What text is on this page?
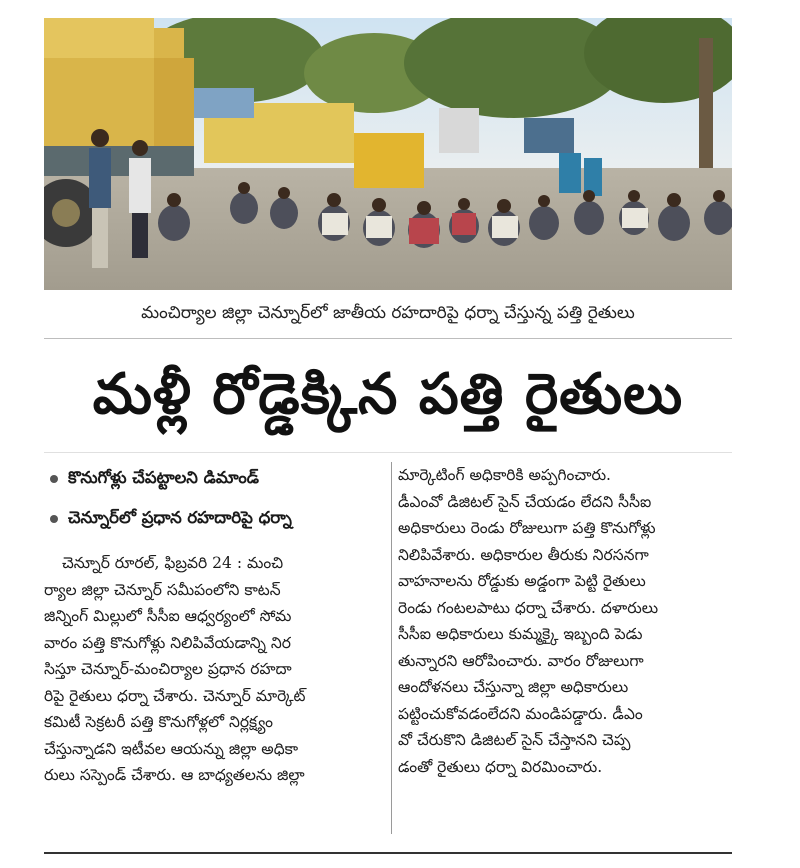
మంచిర్యాల జిల్లా చెన్నూర్‌లో జాతీయ రహదారిపై ధర్నా చేస్తున్న పత్తి రైతులు
మళ్లీ రోడ్డెక్కిన పత్తి రైతులు
కొనుగోళ్లు చేపట్టాలని డిమాండ్
చెన్నూర్‌లో ప్రధాన రహదారిపై ధర్నా
చెన్నూర్ రూరల్, ఫిబ్రవరి 24 : మంచి
ర్యాల జిల్లా చెన్నూర్ సమీపంలోని కాటన్
జిన్నింగ్ మిల్లులో సీసీఐ ఆధ్వర్యంలో సోమ
వారం పత్తి కొనుగోళ్లు నిలిపివేయడాన్ని నిర
సిస్తూ చెన్నూర్-మంచిర్యాల ప్రధాన రహదా
రిపై రైతులు ధర్నా చేశారు. చెన్నూర్ మార్కెట్
కమిటీ సెక్రటరీ పత్తి కొనుగోళ్లలో నిర్లక్ష్యం
చేస్తున్నాడని ఇటీవల ఆయన్ను జిల్లా అధికా
రులు సస్పెండ్ చేశారు. ఆ బాధ్యతలను జిల్లా
మార్కెటింగ్ అధికారికి అప్పగించారు.
డీఎంవో డిజిటల్ సైన్ చేయడం లేదని సీసీఐ
అధికారులు రెండు రోజులుగా పత్తి కొనుగోళ్లు
నిలిపివేశారు. అధికారుల తీరుకు నిరసనగా
వాహనాలను రోడ్డుకు అడ్డంగా పెట్టి రైతులు
రెండు గంటలపాటు ధర్నా చేశారు. దళారులు
సీసీఐ అధికారులు కుమ్మక్కై ఇబ్బంది పెడు
తున్నారని ఆరోపించారు. వారం రోజులుగా
ఆందోళనలు చేస్తున్నా జిల్లా అధికారులు
పట్టించుకోవడంలేదని మండిపడ్డారు. డీఎం
వో చేరుకొని డిజిటల్ సైన్ చేస్తానని చెప్ప
డంతో రైతులు ధర్నా విరమించారు.
